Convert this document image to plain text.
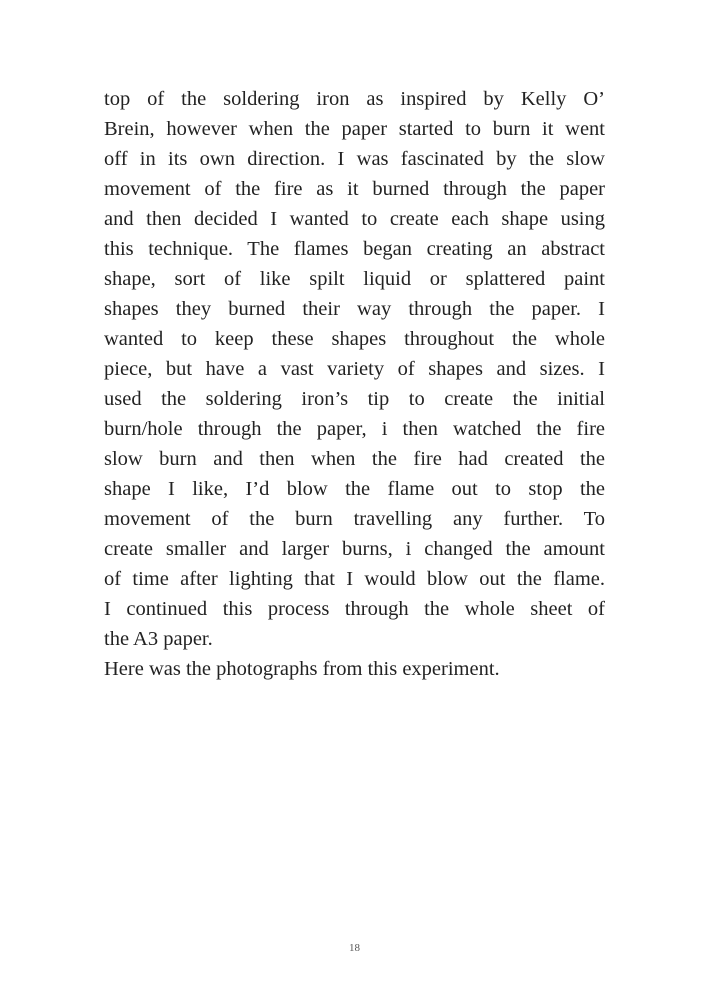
top of the soldering iron as inspired by Kelly O’
Brein, however when the paper started to burn it went
off in its own direction. I was fascinated by the slow
movement of the fire as it burned through the paper
and then decided I wanted to create each shape using
this technique. The flames began creating an abstract
shape, sort of like spilt liquid or splattered paint
shapes they burned their way through the paper. I
wanted to keep these shapes throughout the whole
piece, but have a vast variety of shapes and sizes. I
used the soldering iron’s tip to create the initial
burn/hole through the paper, i then watched the fire
slow burn and then when the fire had created the
shape I like, I’d blow the flame out to stop the
movement of the burn travelling any further. To
create smaller and larger burns, i changed the amount
of time after lighting that I would blow out the flame.
I continued this process through the whole sheet of
the A3 paper.
Here was the photographs from this experiment.
18
